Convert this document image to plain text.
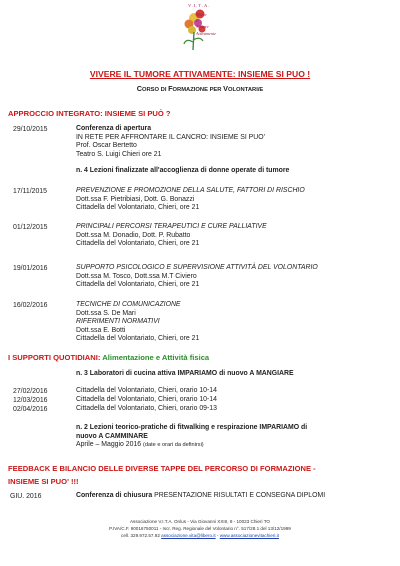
V.I.T.A.
Vivere
Il
Tumore
Attivamente
VIVERE IL TUMORE ATTIVAMENTE: INSIEME SI PUO !
CORSO DI FORMAZIONE PER VOLONTARI/E
APPROCCIO INTEGRATO: INSIEME SI PUÒ ?
29/10/2015	Conferenza di apertura
IN RETE PER AFFRONTARE IL CANCRO: INSIEME SI PUO'
Prof. Oscar Bertetto
Teatro S. Luigi Chieri ore 21
n. 4 Lezioni finalizzate all'accoglienza di donne operate di tumore
17/11/2015	PREVENZIONE E PROMOZIONE DELLA SALUTE, FATTORI DI RISCHIO
Dott.ssa F. Pietribiasi, Dott. G. Bonazzi
Cittadella del Volontariato, Chieri, ore 21
01/12/2015	PRINCIPALI PERCORSI TERAPEUTICI E CURE PALLIATIVE
Dott.ssa M. Donadio, Dott. P. Rubatto
Cittadella del Volontariato, Chieri, ore 21
19/01/2016	SUPPORTO PSICOLOGICO E SUPERVISIONE ATTIVITÀ DEL VOLONTARIO
Dott.ssa M. Tosco, Dott.ssa M.T Civiero
Cittadella del Volontariato, Chieri, ore 21
16/02/2016	TECNICHE DI COMUNICAZIONE
Dott.ssa S. De Mari
RIFERIMENTI NORMATIVI
Dott.ssa E. Botti
Cittadella del Volontariato, Chieri, ore 21
I SUPPORTI QUOTIDIANI: Alimentazione e Attività fisica
n. 3 Laboratori di cucina attiva IMPARIAMO di nuovo A MANGIARE
27/02/2016	Cittadella del Volontariato, Chieri, orario 10-14
12/03/2016	Cittadella del Volontariato, Chieri, orario 10-14
02/04/2016	Cittadella del Volontariato, Chieri, orario 09-13
n. 2 Lezioni teorico-pratiche di fitwalking e respirazione IMPARIAMO di
nuovo A CAMMINARE
Aprile – Maggio 2016 (date e orari da definirsi)
FEEDBACK E BILANCIO DELLE DIVERSE TAPPE DEL PERCORSO DI FORMAZIONE -
INSIEME SI PUO' !!!
GIU. 2016	Conferenza di chiusura PRESENTAZIONE RISULTATI E CONSEGNA DIPLOMI
Associazione V.I.T.A. Onlus - Via Giovanni XXIII, 8 - 10023 Chieri TO
P.IVA/C.F. 90016750011 - Iscr. Reg. Regionale del Volontario n°. 517/28.1 del 13/12/1999
cell. 329.972.57.92 associazione.vita@libero.it - www.associazionevitachieri.it
